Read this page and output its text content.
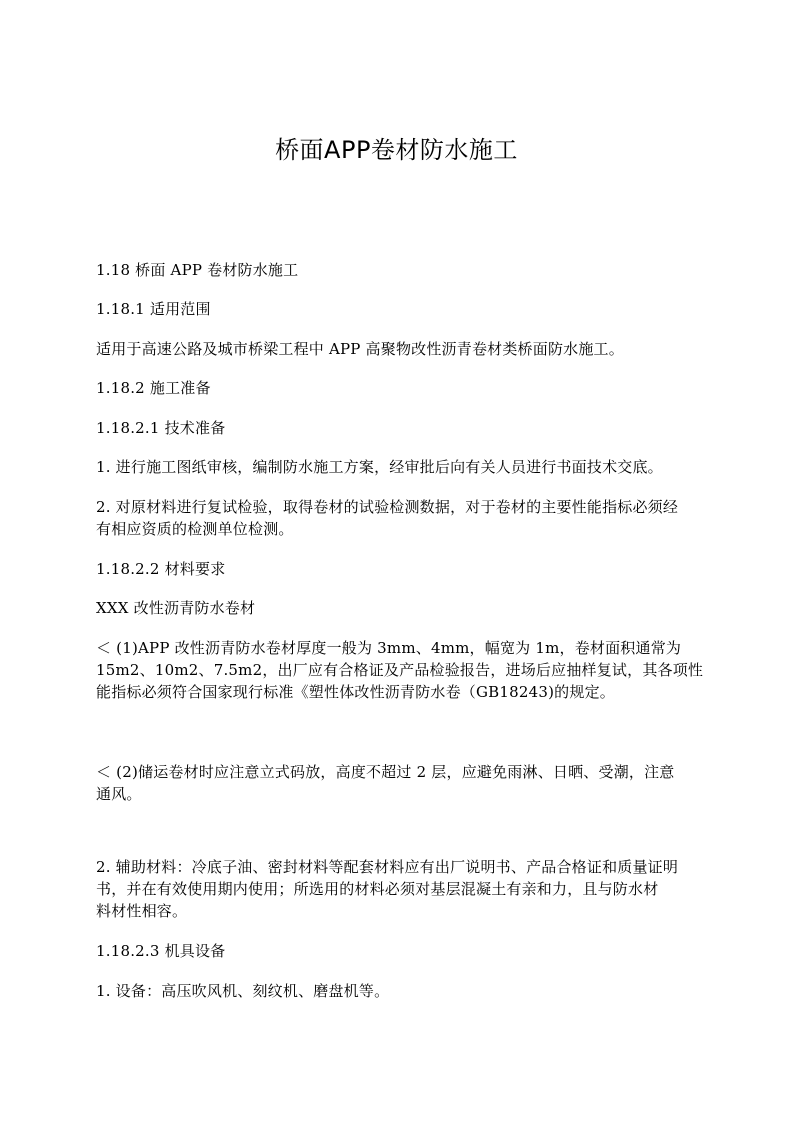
桥面APP卷材防水施工
1.18 桥面 APP 卷材防水施工
1.18.1 适用范围
适用于高速公路及城市桥梁工程中 APP 高聚物改性沥青卷材类桥面防水施工。
1.18.2 施工准备
1.18.2.1 技术准备
1. 进行施工图纸审核，编制防水施工方案，经审批后向有关人员进行书面技术交底。
2. 对原材料进行复试检验，取得卷材的试验检测数据，对于卷材的主要性能指标必须经
有相应资质的检测单位检测。
1.18.2.2 材料要求
XXX 改性沥青防水卷材
＜ (1)APP 改性沥青防水卷材厚度一般为 3mm、4mm，幅宽为 1m，卷材面积通常为
15m2、10m2、7.5m2，出厂应有合格证及产品检验报告，进场后应抽样复试，其各项性
能指标必须符合国家现行标准《塑性体改性沥青防水卷（GB18243)的规定。
＜ (2)储运卷材时应注意立式码放，高度不超过 2 层，应避免雨淋、日晒、受潮，注意
通风。
2. 辅助材料：冷底子油、密封材料等配套材料应有出厂说明书、产品合格证和质量证明
书，并在有效使用期内使用；所选用的材料必须对基层混凝土有亲和力，且与防水材
料材性相容。
1.18.2.3 机具设备
1. 设备：高压吹风机、刻纹机、磨盘机等。
